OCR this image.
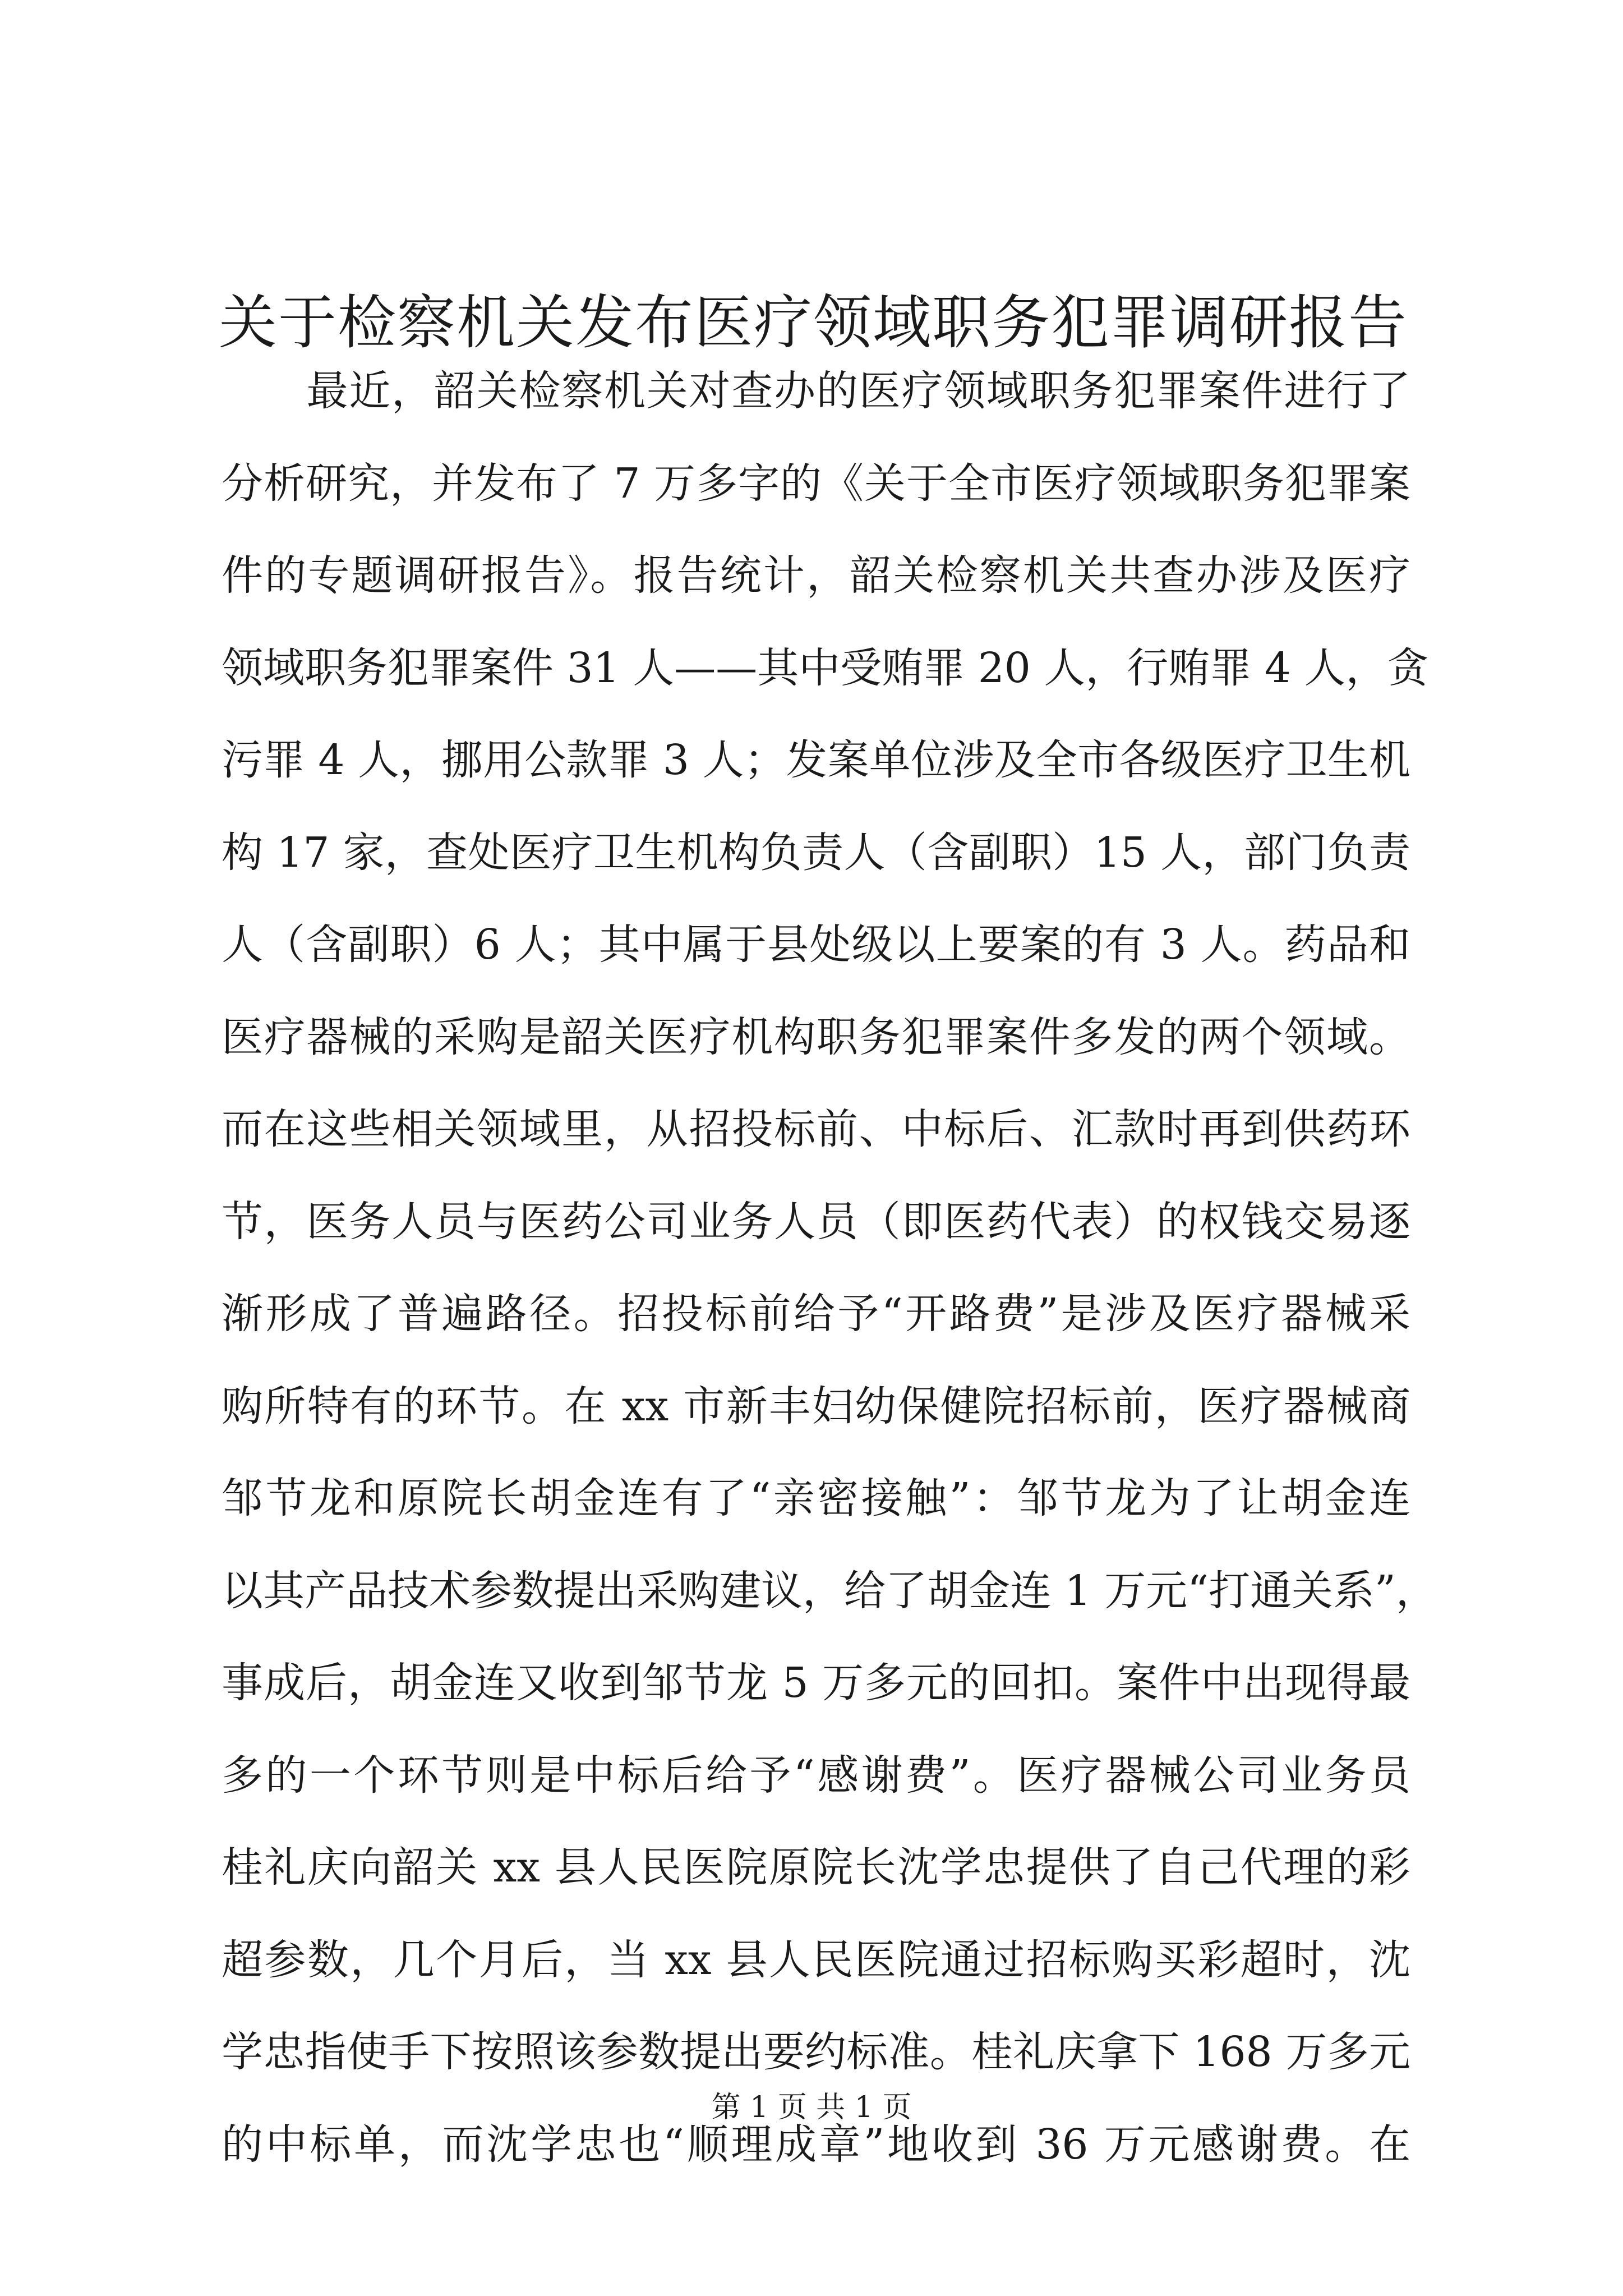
关于检察机关发布医疗领域职务犯罪调研报告
　　最近，韶关检察机关对查办的医疗领域职务犯罪案件进行了
分析研究，并发布了 7 万多字的《关于全市医疗领域职务犯罪案
件的专题调研报告》。报告统计，韶关检察机关共查办涉及医疗
领域职务犯罪案件 31 人——其中受贿罪 20 人，行贿罪 4 人，贪
污罪 4 人，挪用公款罪 3 人；发案单位涉及全市各级医疗卫生机
构 17 家，查处医疗卫生机构负责人（含副职）15 人，部门负责
人（含副职）6 人；其中属于县处级以上要案的有 3 人。药品和
医疗器械的采购是韶关医疗机构职务犯罪案件多发的两个领域。
而在这些相关领域里，从招投标前、中标后、汇款时再到供药环
节，医务人员与医药公司业务人员（即医药代表）的权钱交易逐
渐形成了普遍路径。招投标前给予“开路费”是涉及医疗器械采
购所特有的环节。在 xx 市新丰妇幼保健院招标前，医疗器械商
邹节龙和原院长胡金连有了“亲密接触”：邹节龙为了让胡金连
以其产品技术参数提出采购建议，给了胡金连 1 万元“打通关系”，
事成后，胡金连又收到邹节龙 5 万多元的回扣。案件中出现得最
多的一个环节则是中标后给予“感谢费”。医疗器械公司业务员
桂礼庆向韶关 xx 县人民医院原院长沈学忠提供了自己代理的彩
超参数，几个月后，当 xx 县人民医院通过招标购买彩超时，沈
学忠指使手下按照该参数提出要约标准。桂礼庆拿下 168 万多元
的中标单，而沈学忠也“顺理成章”地收到 36 万元感谢费。在
第 1 页 共 1 页
